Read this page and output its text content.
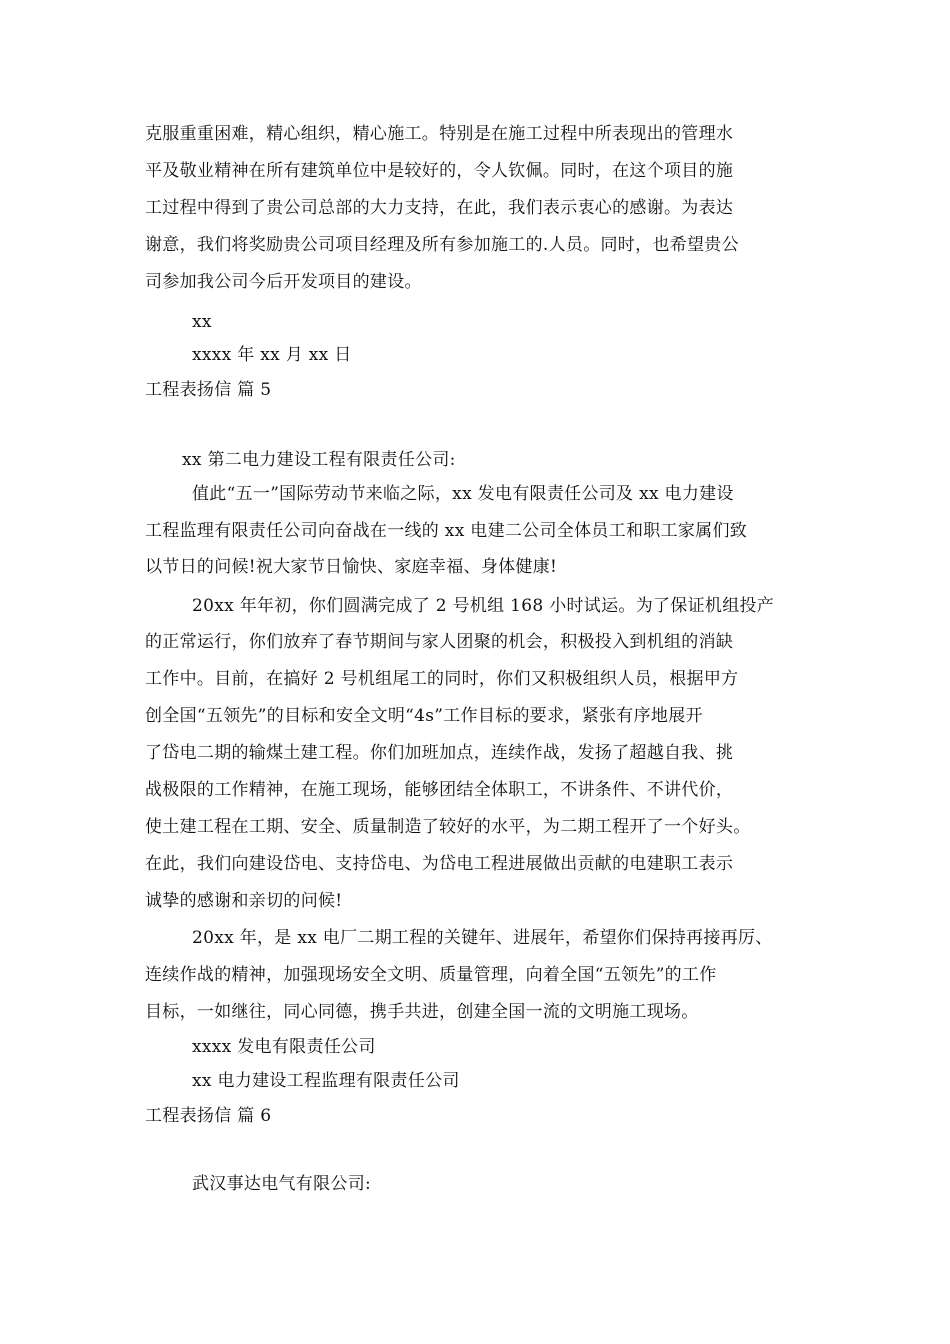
克服重重困难，精心组织，精心施工。特别是在施工过程中所表现出的管理水
平及敬业精神在所有建筑单位中是较好的，令人钦佩。同时，在这个项目的施
工过程中得到了贵公司总部的大力支持，在此，我们表示衷心的感谢。为表达
谢意，我们将奖励贵公司项目经理及所有参加施工的.人员。同时，也希望贵公
司参加我公司今后开发项目的建设。
xx
xxxx 年 xx 月 xx 日
工程表扬信 篇 5
xx 第二电力建设工程有限责任公司:
值此“五一”国际劳动节来临之际，xx 发电有限责任公司及 xx 电力建设
工程监理有限责任公司向奋战在一线的 xx 电建二公司全体员工和职工家属们致
以节日的问候!祝大家节日愉快、家庭幸福、身体健康!
20xx 年年初，你们圆满完成了 2 号机组 168 小时试运。为了保证机组投产
的正常运行，你们放弃了春节期间与家人团聚的机会，积极投入到机组的消缺
工作中。目前，在搞好 2 号机组尾工的同时，你们又积极组织人员，根据甲方
创全国“五领先”的目标和安全文明“4s”工作目标的要求，紧张有序地展开
了岱电二期的输煤土建工程。你们加班加点，连续作战，发扬了超越自我、挑
战极限的工作精神，在施工现场，能够团结全体职工，不讲条件、不讲代价，
使土建工程在工期、安全、质量制造了较好的水平，为二期工程开了一个好头。
在此，我们向建设岱电、支持岱电、为岱电工程进展做出贡献的电建职工表示
诚挚的感谢和亲切的问候!
20xx 年，是 xx 电厂二期工程的关键年、进展年，希望你们保持再接再厉、
连续作战的精神，加强现场安全文明、质量管理，向着全国“五领先”的工作
目标，一如继往，同心同德，携手共进，创建全国一流的文明施工现场。
xxxx 发电有限责任公司
xx 电力建设工程监理有限责任公司
工程表扬信 篇 6
武汉事达电气有限公司:
